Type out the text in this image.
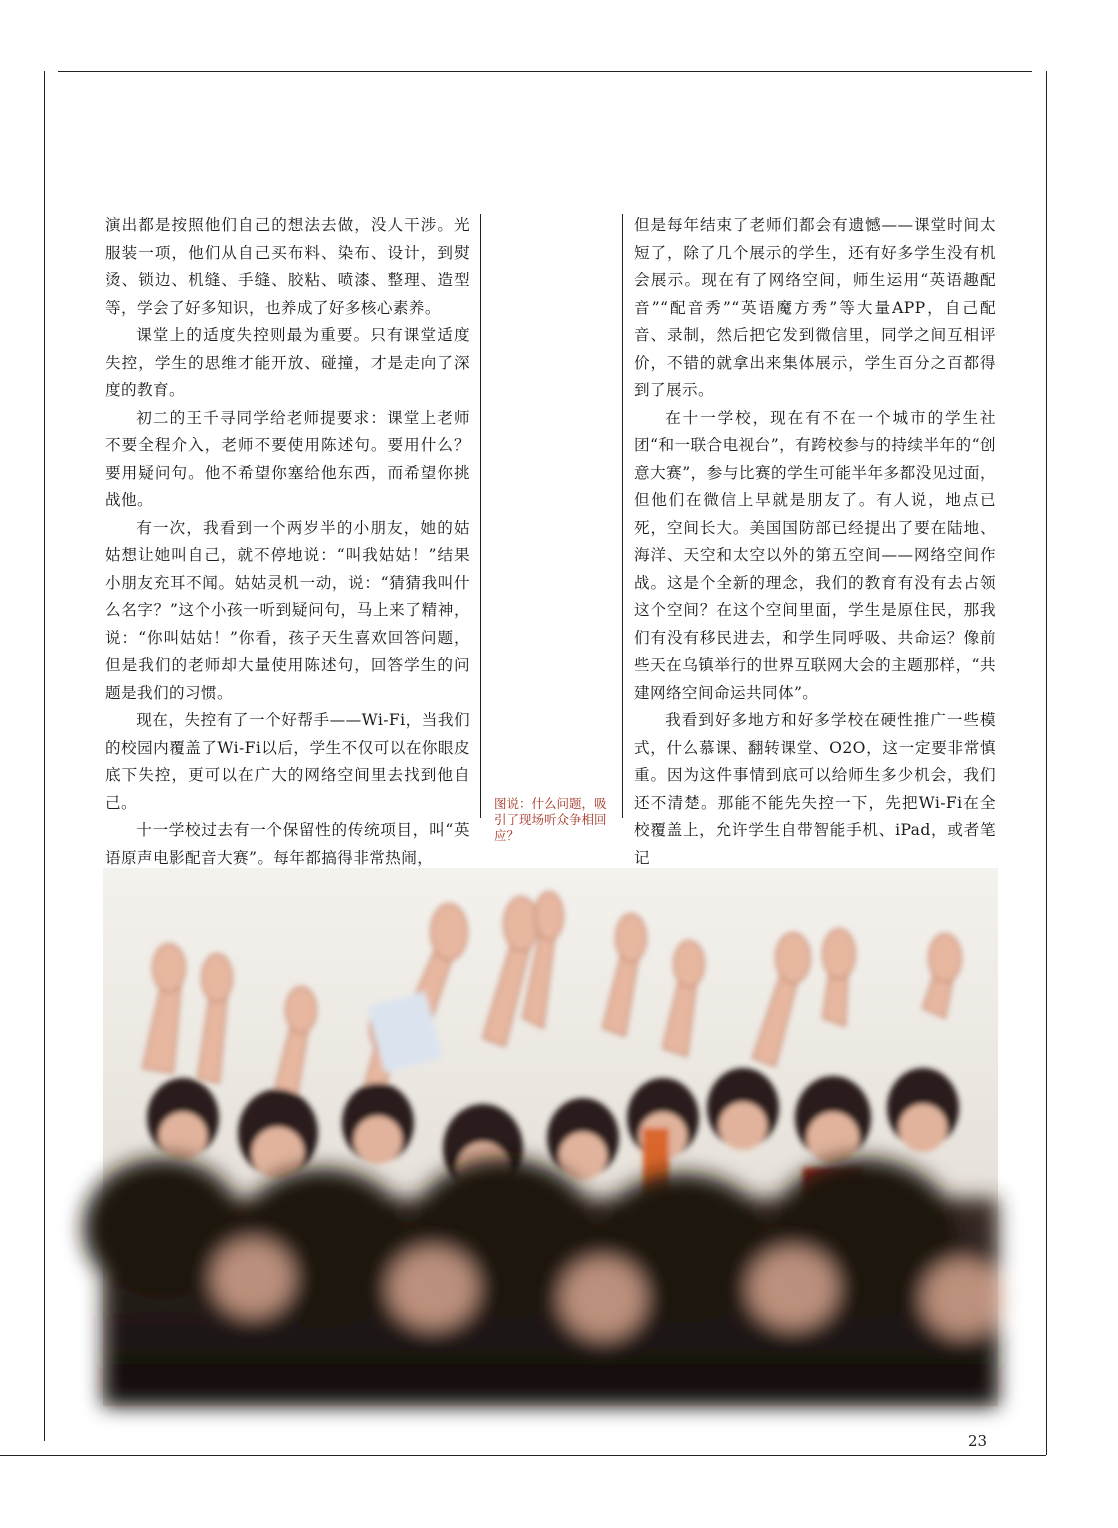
演出都是按照他们自己的想法去做，没人干涉。光服装一项，他们从自己买布料、染布、设计，到熨烫、锁边、机缝、手缝、胶粘、喷漆、整理、造型等，学会了好多知识，也养成了好多核心素养。

课堂上的适度失控则最为重要。只有课堂适度失控，学生的思维才能开放、碰撞，才是走向了深度的教育。

初二的王千寻同学给老师提要求：课堂上老师不要全程介入，老师不要使用陈述句。要用什么？要用疑问句。他不希望你塞给他东西，而希望你挑战他。

有一次，我看到一个两岁半的小朋友，她的姑姑想让她叫自己，就不停地说：“叫我姑姑！”结果小朋友充耳不闻。姑姑灵机一动，说：“猜猜我叫什么名字？”这个小孩一听到疑问句，马上来了精神，说：“你叫姑姑！”你看，孩子天生喜欢回答问题，但是我们的老师却大量使用陈述句，回答学生的问题是我们的习惯。

现在，失控有了一个好帮手——Wi-Fi，当我们的校园内覆盖了Wi-Fi以后，学生不仅可以在你眼皮底下失控，更可以在广大的网络空间里去找到他自己。

十一学校过去有一个保留性的传统项目，叫“英语原声电影配音大赛”。每年都搞得非常热闹，

图说：什么问题，吸引了现场听众争相回应？

但是每年结束了老师们都会有遗憾——课堂时间太短了，除了几个展示的学生，还有好多学生没有机会展示。现在有了网络空间，师生运用“英语趣配音”“配音秀”“英语魔方秀”等大量APP，自己配音、录制，然后把它发到微信里，同学之间互相评价，不错的就拿出来集体展示，学生百分之百都得到了展示。

在十一学校，现在有不在一个城市的学生社团“和一联合电视台”，有跨校参与的持续半年的“创意大赛”，参与比赛的学生可能半年多都没见过面，但他们在微信上早就是朋友了。有人说，地点已死，空间长大。美国国防部已经提出了要在陆地、海洋、天空和太空以外的第五空间——网络空间作战。这是个全新的理念，我们的教育有没有去占领这个空间？在这个空间里面，学生是原住民，那我们有没有移民进去，和学生同呼吸、共命运？像前些天在乌镇举行的世界互联网大会的主题那样，“共建网络空间命运共同体”。

我看到好多地方和好多学校在硬性推广一些模式，什么慕课、翻转课堂、O2O，这一定要非常慎重。因为这件事情到底可以给师生多少机会，我们还不清楚。那能不能先失控一下，先把Wi-Fi在全校覆盖上，允许学生自带智能手机、iPad，或者笔记

23
